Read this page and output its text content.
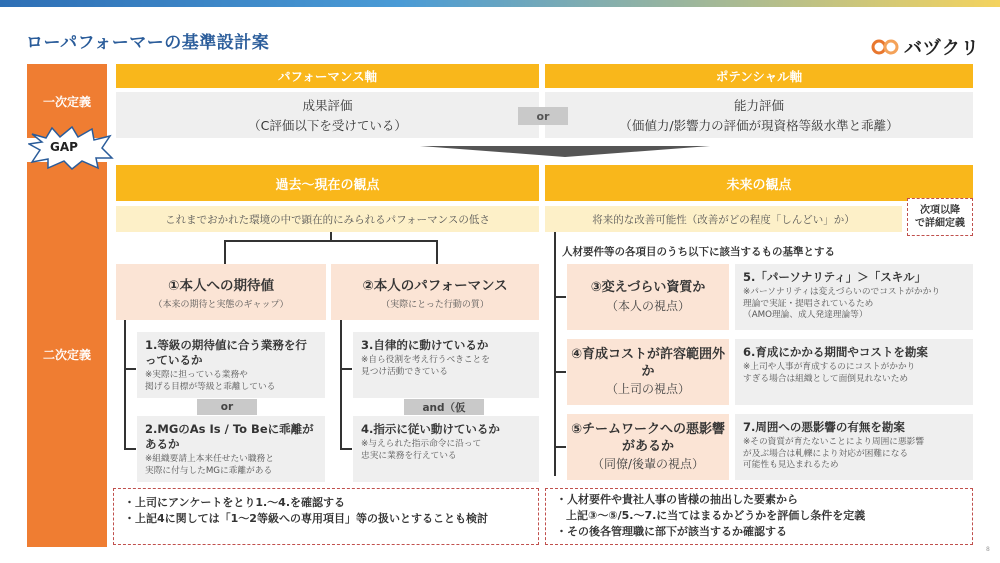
ローパフォーマーの基準設計案	バヅクリ
一次定義
二次定義
GAP
パフォーマンス軸	ポテンシャル軸
成果評価
（C評価以下を受けている）
能力評価
（価値力/影響力の評価が現資格等級水準と乖離）
or
過去〜現在の観点	未来の観点
これまでおかれた環境の中で顕在的にみられるパフォーマンスの低さ	将来的な改善可能性（改善がどの程度「しんどい」か）
次項以降
で詳細定義
①本人への期待値
（本来の期待と実態のギャップ）
②本人のパフォーマンス
（実際にとった行動の質）
1.等級の期待値に合う業務を行っているか
※実際に担っている業務や
掲げる目標が等級と乖離している
or
2.MGのAs Is / To Beに乖離があるか
※組織要請上本来任せたい職務と
実際に付与したMGに乖離がある
3.自律的に動けているか
※自ら役割を考え行うべきことを
見つけ活動できている
and（仮
4.指示に従い動けているか
※与えられた指示命令に沿って
忠実に業務を行えている
人材要件等の各項目のうち以下に該当するもの基準とする
③変えづらい資質か
（本人の視点）
④育成コストが許容範囲外か
（上司の視点）
⑤チームワークへの悪影響があるか
（同僚/後輩の視点）
5.「パーソナリティ」＞「スキル」
※パーソナリティは変えづらいのでコストがかかり
理論で実証・提唱されているため
（AMO理論、成人発達理論等）
6.育成にかかる期間やコストを勘案
※上司や人事が育成するのにコストがかかり
すぎる場合は組織として面倒見れないため
7.周囲への悪影響の有無を勘案
※その資質が育たないことにより周囲に悪影響
が及ぶ場合は軋轢により対応が困難になる
可能性も見込まれるため
・上司にアンケートをとり1.〜4.を確認する
・上記4に関しては「1〜2等級への専用項目」等の扱いとすることも検討
・人材要件や貴社人事の皆様の抽出した要素から
上記③〜⑤/5.〜7.に当てはまるかどうかを評価し条件を定義
・その後各管理職に部下が該当するか確認する
8
